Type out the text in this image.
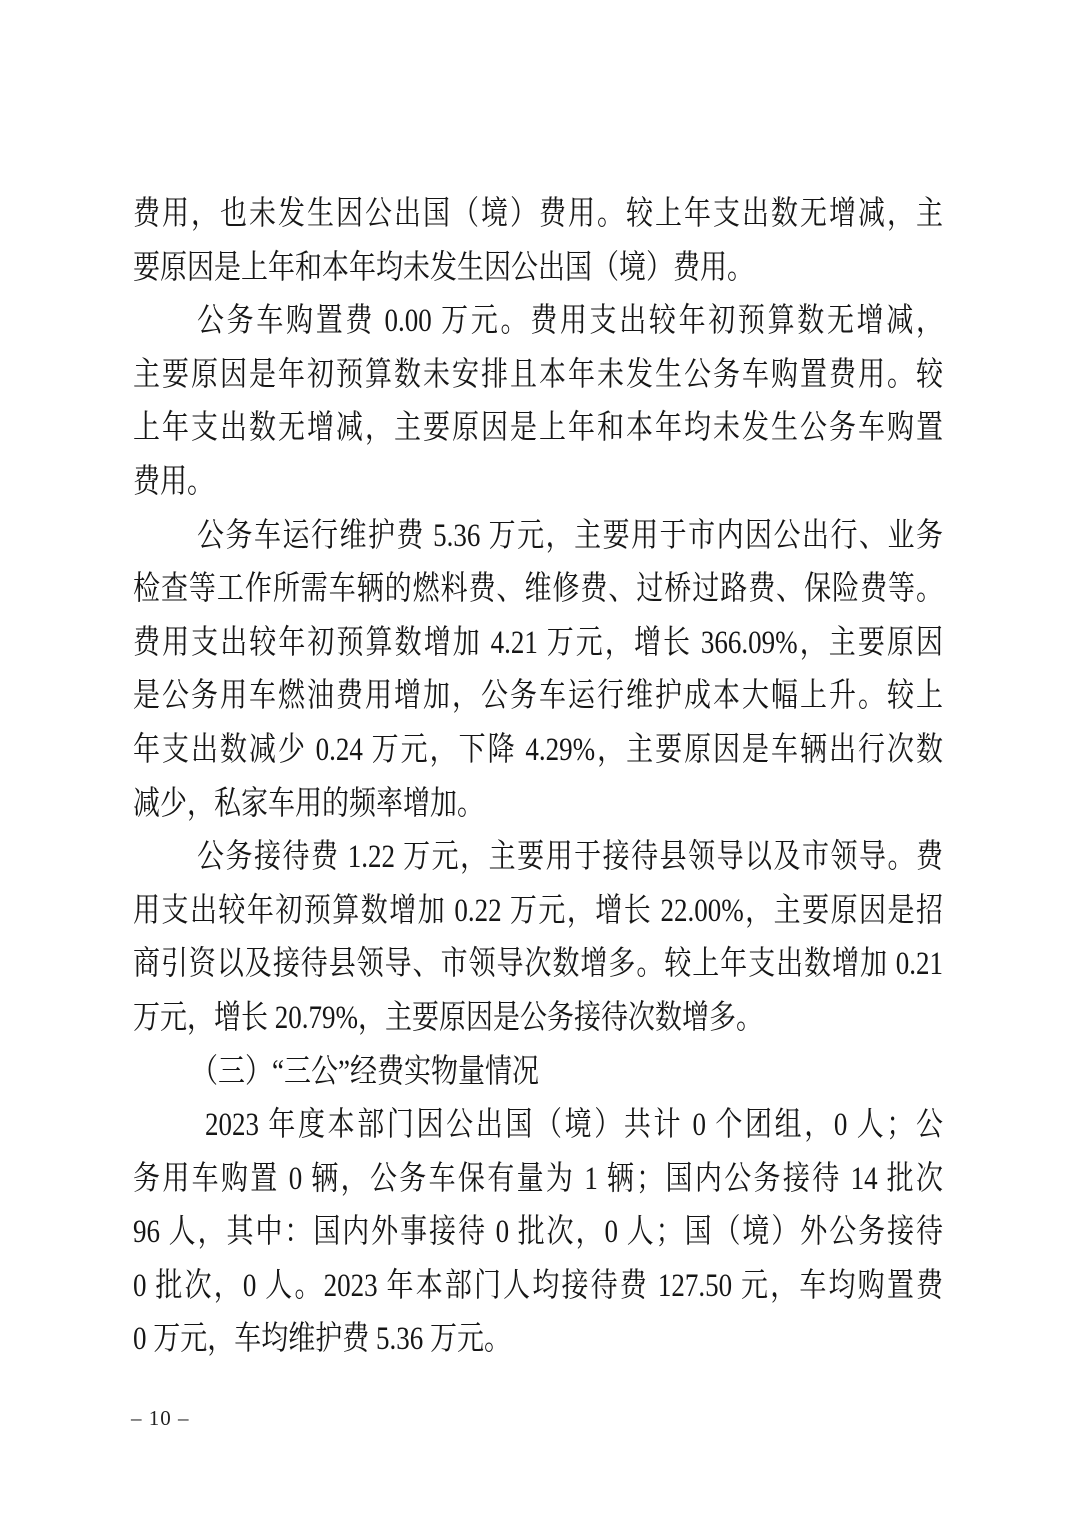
费用，也未发生因公出国（境）费用。较上年支出数无增减，主

要原因是上年和本年均未发生因公出国（境）费用。

公务车购置费 0.00 万元。费用支出较年初预算数无增减，

主要原因是年初预算数未安排且本年未发生公务车购置费用。较

上年支出数无增减，主要原因是上年和本年均未发生公务车购置

费用。

公务车运行维护费 5.36 万元，主要用于市内因公出行、业务

检查等工作所需车辆的燃料费、维修费、过桥过路费、保险费等。

费用支出较年初预算数增加 4.21 万元，增长 366.09%，主要原因

是公务用车燃油费用增加，公务车运行维护成本大幅上升。较上

年支出数减少 0.24 万元，下降 4.29%，主要原因是车辆出行次数

减少，私家车用的频率增加。

公务接待费 1.22 万元，主要用于接待县领导以及市领导。费

用支出较年初预算数增加 0.22 万元，增长 22.00%，主要原因是招

商引资以及接待县领导、市领导次数增多。较上年支出数增加 0.21

万元，增长 20.79%，主要原因是公务接待次数增多。

（三）“三公”经费实物量情况

2023 年度本部门因公出国（境）共计 0 个团组，0 人；公

务用车购置 0 辆，公务车保有量为 1 辆；国内公务接待 14 批次

96 人，其中：国内外事接待 0 批次，0 人；国（境）外公务接待

0 批次，0 人。2023 年本部门人均接待费 127.50 元，车均购置费

0 万元，车均维护费 5.36 万元。

– 10 –
